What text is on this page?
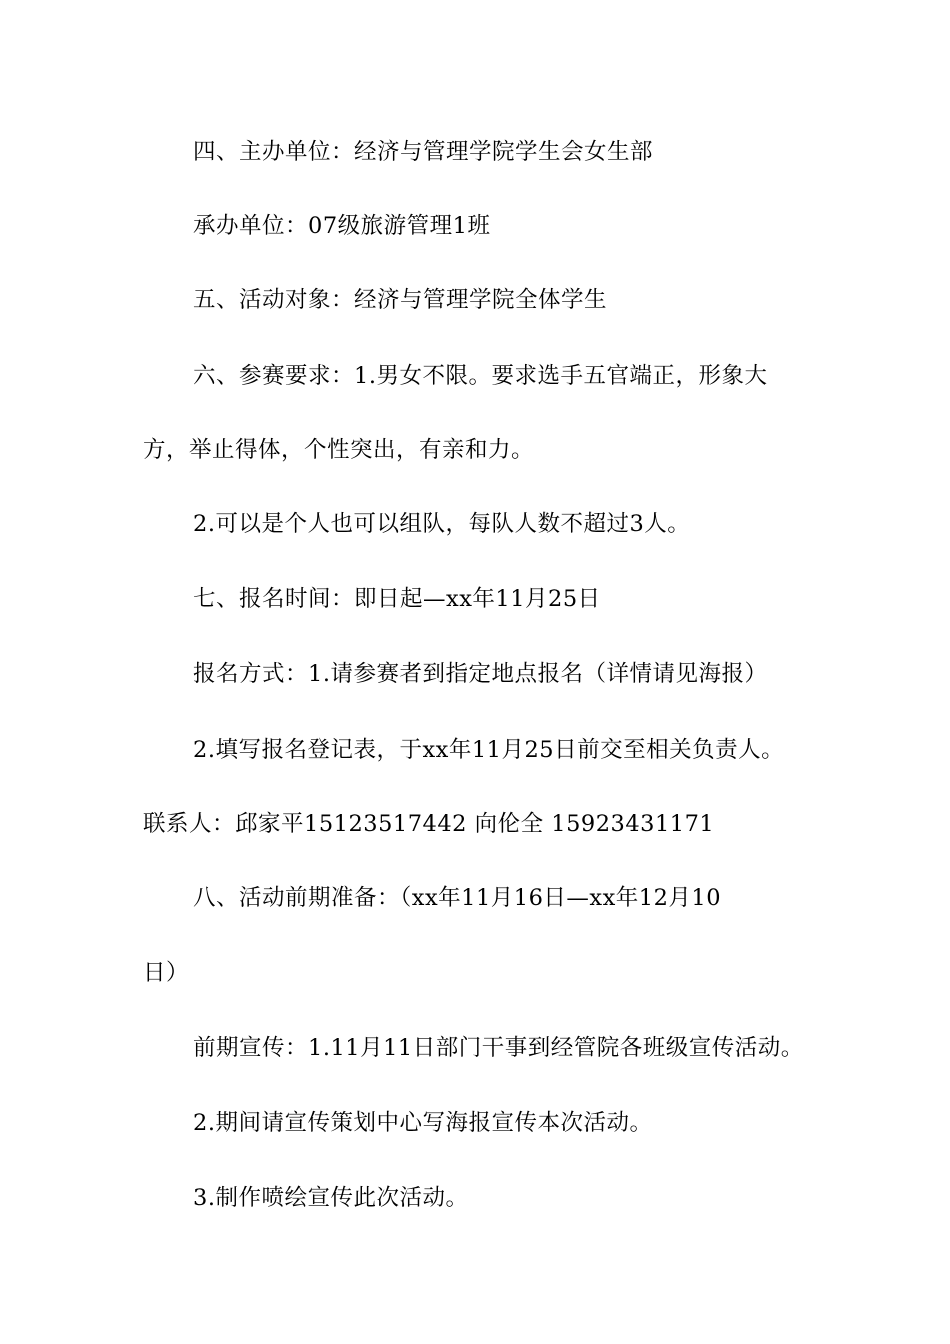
四、主办单位：经济与管理学院学生会女生部
承办单位：07级旅游管理1班
五、活动对象：经济与管理学院全体学生
六、参赛要求：1.男女不限。要求选手五官端正，形象大
方，举止得体，个性突出，有亲和力。
2.可以是个人也可以组队，每队人数不超过3人。
七、报名时间：即日起—xx年11月25日
报名方式：1.请参赛者到指定地点报名（详情请见海报）
2.填写报名登记表，于xx年11月25日前交至相关负责人。
联系人：邱家平15123517442 向伦全 15923431171
八、活动前期准备：（xx年11月16日—xx年12月10
日）
前期宣传：1.11月11日部门干事到经管院各班级宣传活动。
2.期间请宣传策划中心写海报宣传本次活动。
3.制作喷绘宣传此次活动。
